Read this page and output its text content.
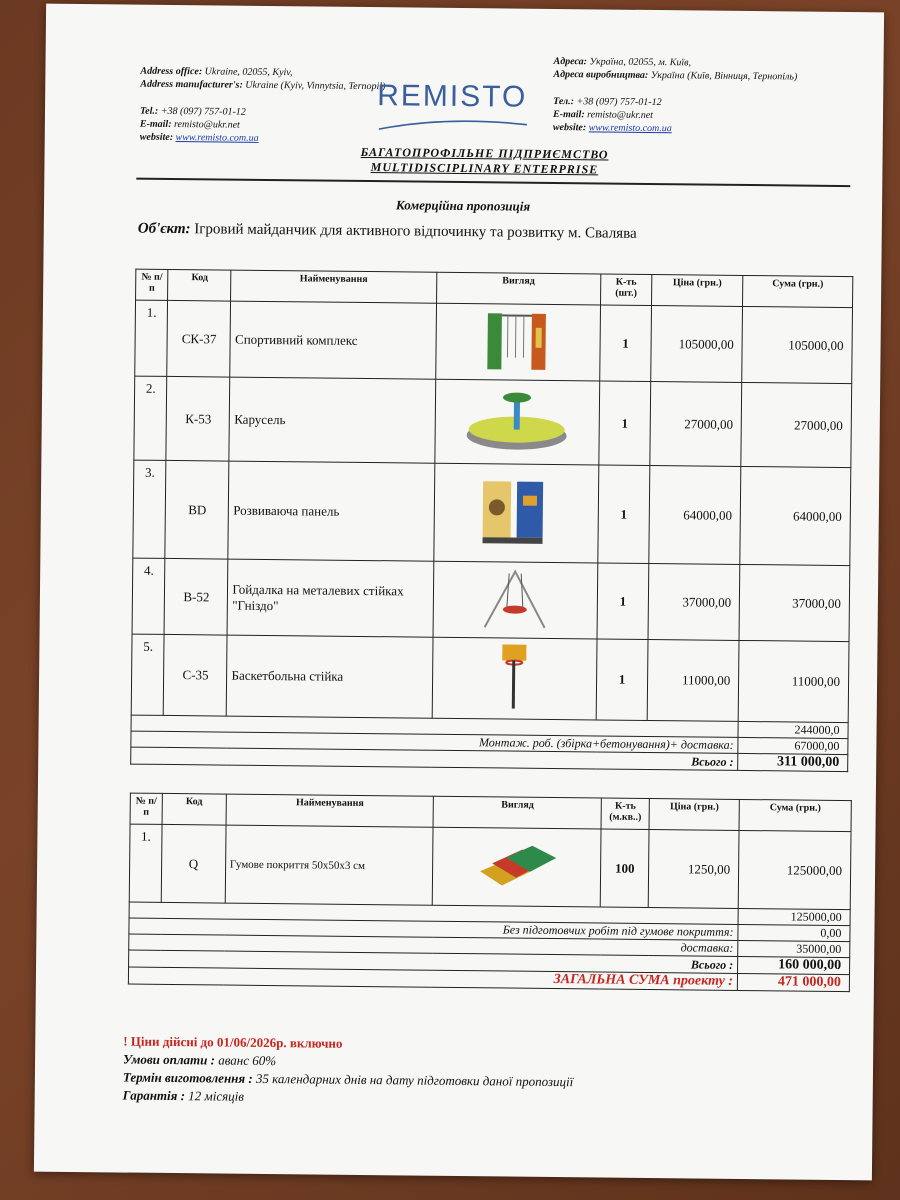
Address office: Ukraine, 02055, Kyiv,
Address manufacturer's: Ukraine (Kyiv, Vinnytsia, Ternopil)
Tel.: +38 (097) 757-01-12
E-mail: remisto@ukr.net
website: www.remisto.com.ua
REMISTO
Адреса: Україна, 02055, м. Київ,
Адреса виробництва: Україна (Київ, Вінниця, Тернопіль)
Тел.: +38 (097) 757-01-12
E-mail: remisto@ukr.net
website: www.remisto.com.ua
БАГАТОПРОФІЛЬНЕ ПІДПРИЄМСТВО
MULTIDISCIPLINARY ENTERPRISE
Комерційна пропозиція
Об'єкт: Ігровий майданчик для активного відпочинку та розвитку м. Свалява
№ п/п	Код	Найменування	Вигляд	К-ть (шт.)	Ціна (грн.)	Сума (грн.)
1.	СК-37	Спортивний комплекс		1	105000,00	105000,00
2.	К-53	Карусель		1	27000,00	27000,00
3.	BD	Розвиваюча панель		1	64000,00	64000,00
4.	В-52	Гойдалка на металевих стійках "Гніздо"		1	37000,00	37000,00
5.	С-35	Баскетбольна стійка		1	11000,00	11000,00
						244000,0
Монтаж. роб. (збірка+бетонування)+ доставка:						67000,00
Всього :						311 000,00
№ п/п	Код	Найменування	Вигляд	К-ть (м.кв..)	Ціна (грн.)	Сума (грн.)
1.	Q	Гумове покриття 50х50х3 см		100	1250,00	125000,00
						125000,00
Без підготовчих робіт під гумове покриття:						0,00
доставка:						35000,00
Всього :						160 000,00
ЗАГАЛЬНА СУМА проекту :						471 000,00
! Ціни дійсні до 01/06/2026р. включно
Умови оплати : аванс 60%
Термін виготовлення : 35 календарних днів на дату підготовки даної пропозиції
Гарантія : 12 місяців
